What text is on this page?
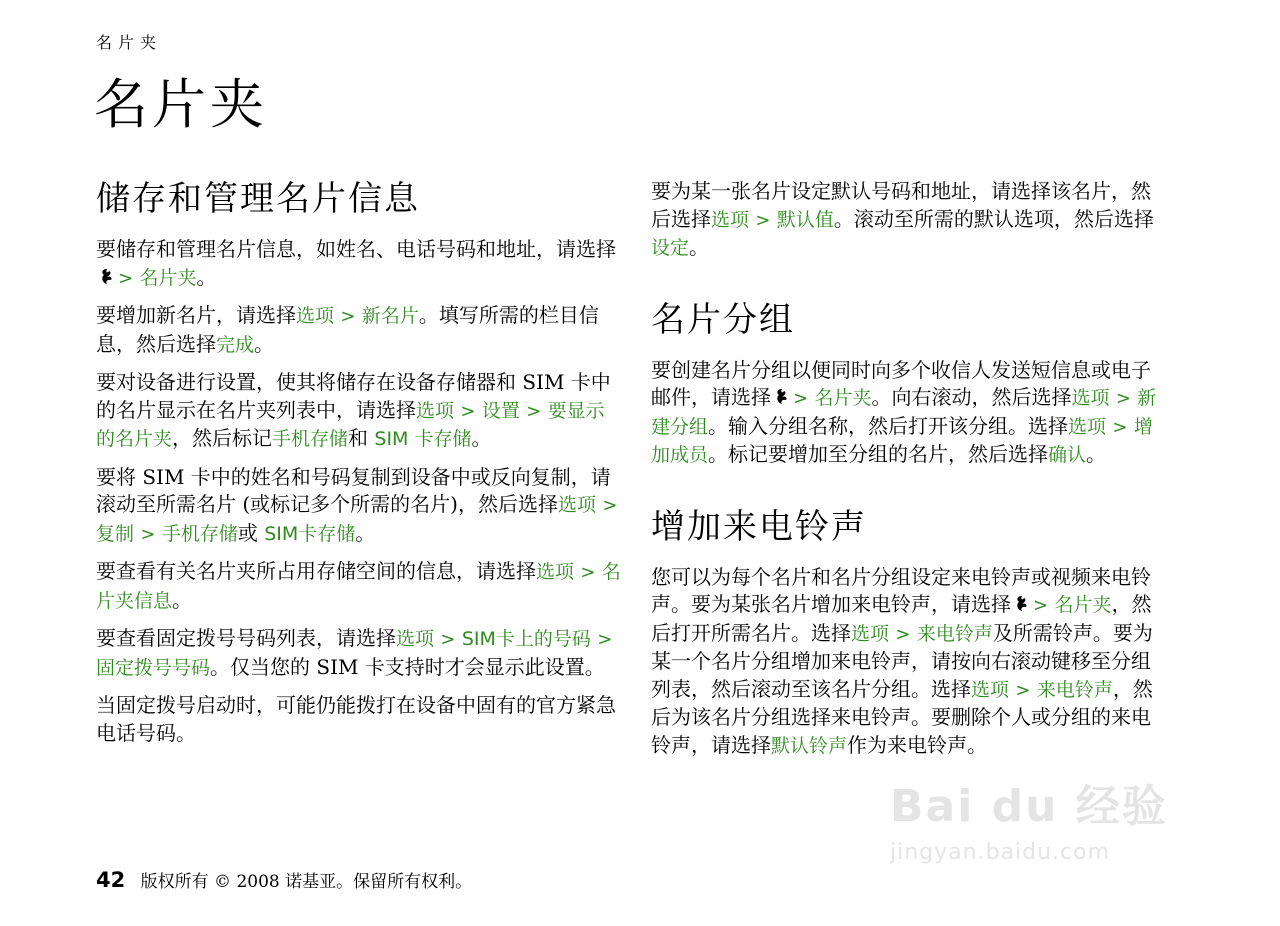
名片夹
名片夹
储存和管理名片信息

要储存和管理名片信息，如姓名、电话号码和地址，请选择> 名片夹。

要增加新名片，请选择选项 > 新名片。填写所需的栏目信息，然后选择完成。

要对设备进行设置，使其将储存在设备存储器和 SIM 卡中的名片显示在名片夹列表中，请选择选项 > 设置 > 要显示的名片夹，然后标记手机存储和 SIM 卡存储。

要将 SIM 卡中的姓名和号码复制到设备中或反向复制，请滚动至所需名片 (或标记多个所需的名片)，然后选择选项 > 复制 > 手机存储或 SIM卡存储。

要查看有关名片夹所占用存储空间的信息，请选择选项 > 名片夹信息。

要查看固定拨号号码列表，请选择选项 > SIM卡上的号码 > 固定拨号号码。仅当您的 SIM 卡支持时才会显示此设置。

当固定拨号启动时，可能仍能拨打在设备中固有的官方紧急电话号码。

要为某一张名片设定默认号码和地址，请选择该名片，然后选择选项 > 默认值。滚动至所需的默认选项，然后选择设定。

名片分组

要创建名片分组以便同时向多个收信人发送短信息或电子邮件，请选择 > 名片夹。向右滚动，然后选择选项 > 新建分组。输入分组名称，然后打开该分组。选择选项 > 增加成员。标记要增加至分组的名片，然后选择确认。

增加来电铃声

您可以为每个名片和名片分组设定来电铃声或视频来电铃声。要为某张名片增加来电铃声，请选择 > 名片夹，然后打开所需名片。选择选项 > 来电铃声及所需铃声。要为某一个名片分组增加来电铃声，请按向右滚动键移至分组列表，然后滚动至该名片分组。选择选项 > 来电铃声，然后为该名片分组选择来电铃声。要删除个人或分组的来电铃声，请选择默认铃声作为来电铃声。

42 版权所有 © 2008 诺基亚。保留所有权利。
Bai du 经验
jingyan.baidu.com
